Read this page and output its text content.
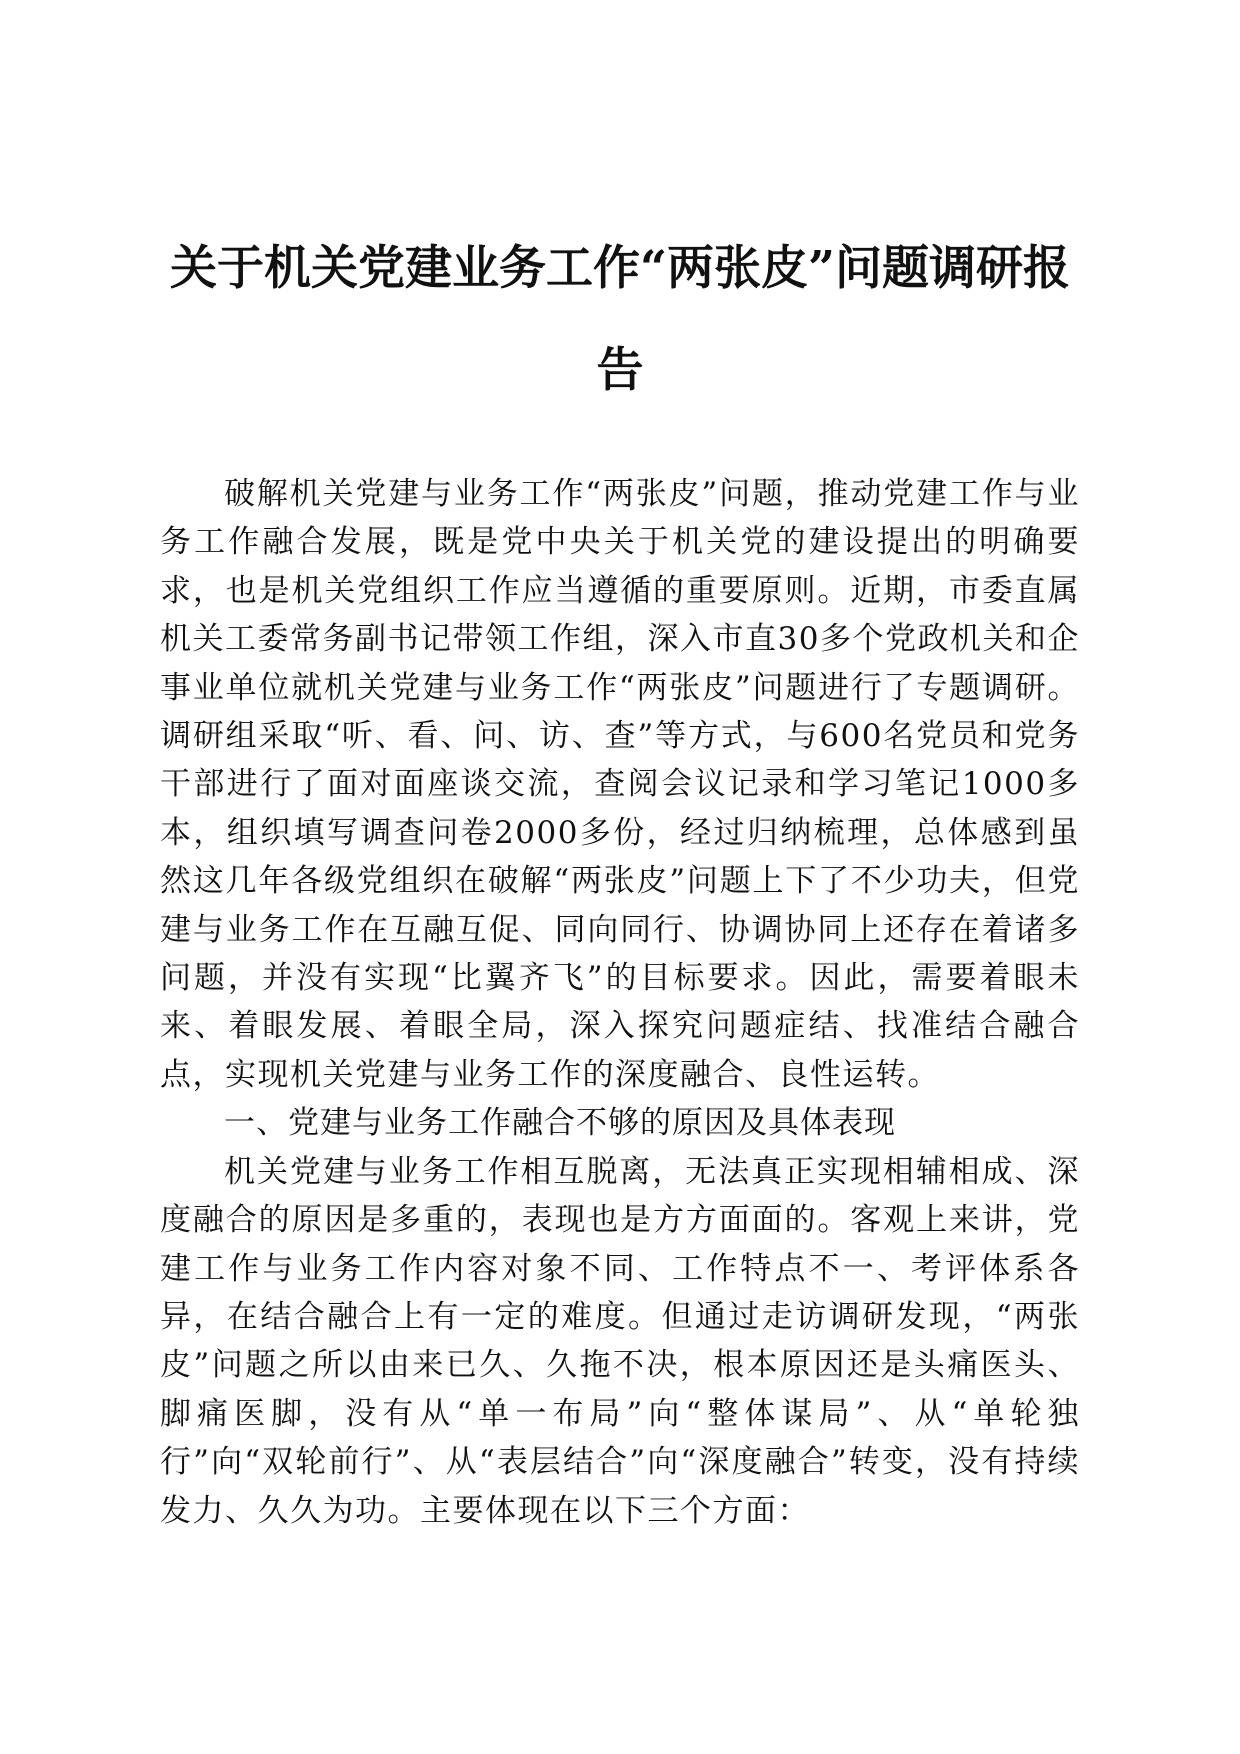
关于机关党建业务工作“两张皮”问题调研报告

破解机关党建与业务工作“两张皮”问题，推动党建工作与业务工作融合发展，既是党中央关于机关党的建设提出的明确要求，也是机关党组织工作应当遵循的重要原则。近期，市委直属机关工委常务副书记带领工作组，深入市直30多个党政机关和企事业单位就机关党建与业务工作“两张皮”问题进行了专题调研。调研组采取“听、看、问、访、查”等方式，与600名党员和党务干部进行了面对面座谈交流，查阅会议记录和学习笔记1000多本，组织填写调查问卷2000多份，经过归纳梳理，总体感到虽然这几年各级党组织在破解“两张皮”问题上下了不少功夫，但党建与业务工作在互融互促、同向同行、协调协同上还存在着诸多问题，并没有实现“比翼齐飞”的目标要求。因此，需要着眼未来、着眼发展、着眼全局，深入探究问题症结、找准结合融合点，实现机关党建与业务工作的深度融合、良性运转。

一、党建与业务工作融合不够的原因及具体表现

机关党建与业务工作相互脱离，无法真正实现相辅相成、深度融合的原因是多重的，表现也是方方面面的。客观上来讲，党建工作与业务工作内容对象不同、工作特点不一、考评体系各异，在结合融合上有一定的难度。但通过走访调研发现，“两张皮”问题之所以由来已久、久拖不决，根本原因还是头痛医头、脚痛医脚，没有从“单一布局”向“整体谋局”、从“单轮独行”向“双轮前行”、从“表层结合”向“深度融合”转变，没有持续发力、久久为功。主要体现在以下三个方面：
